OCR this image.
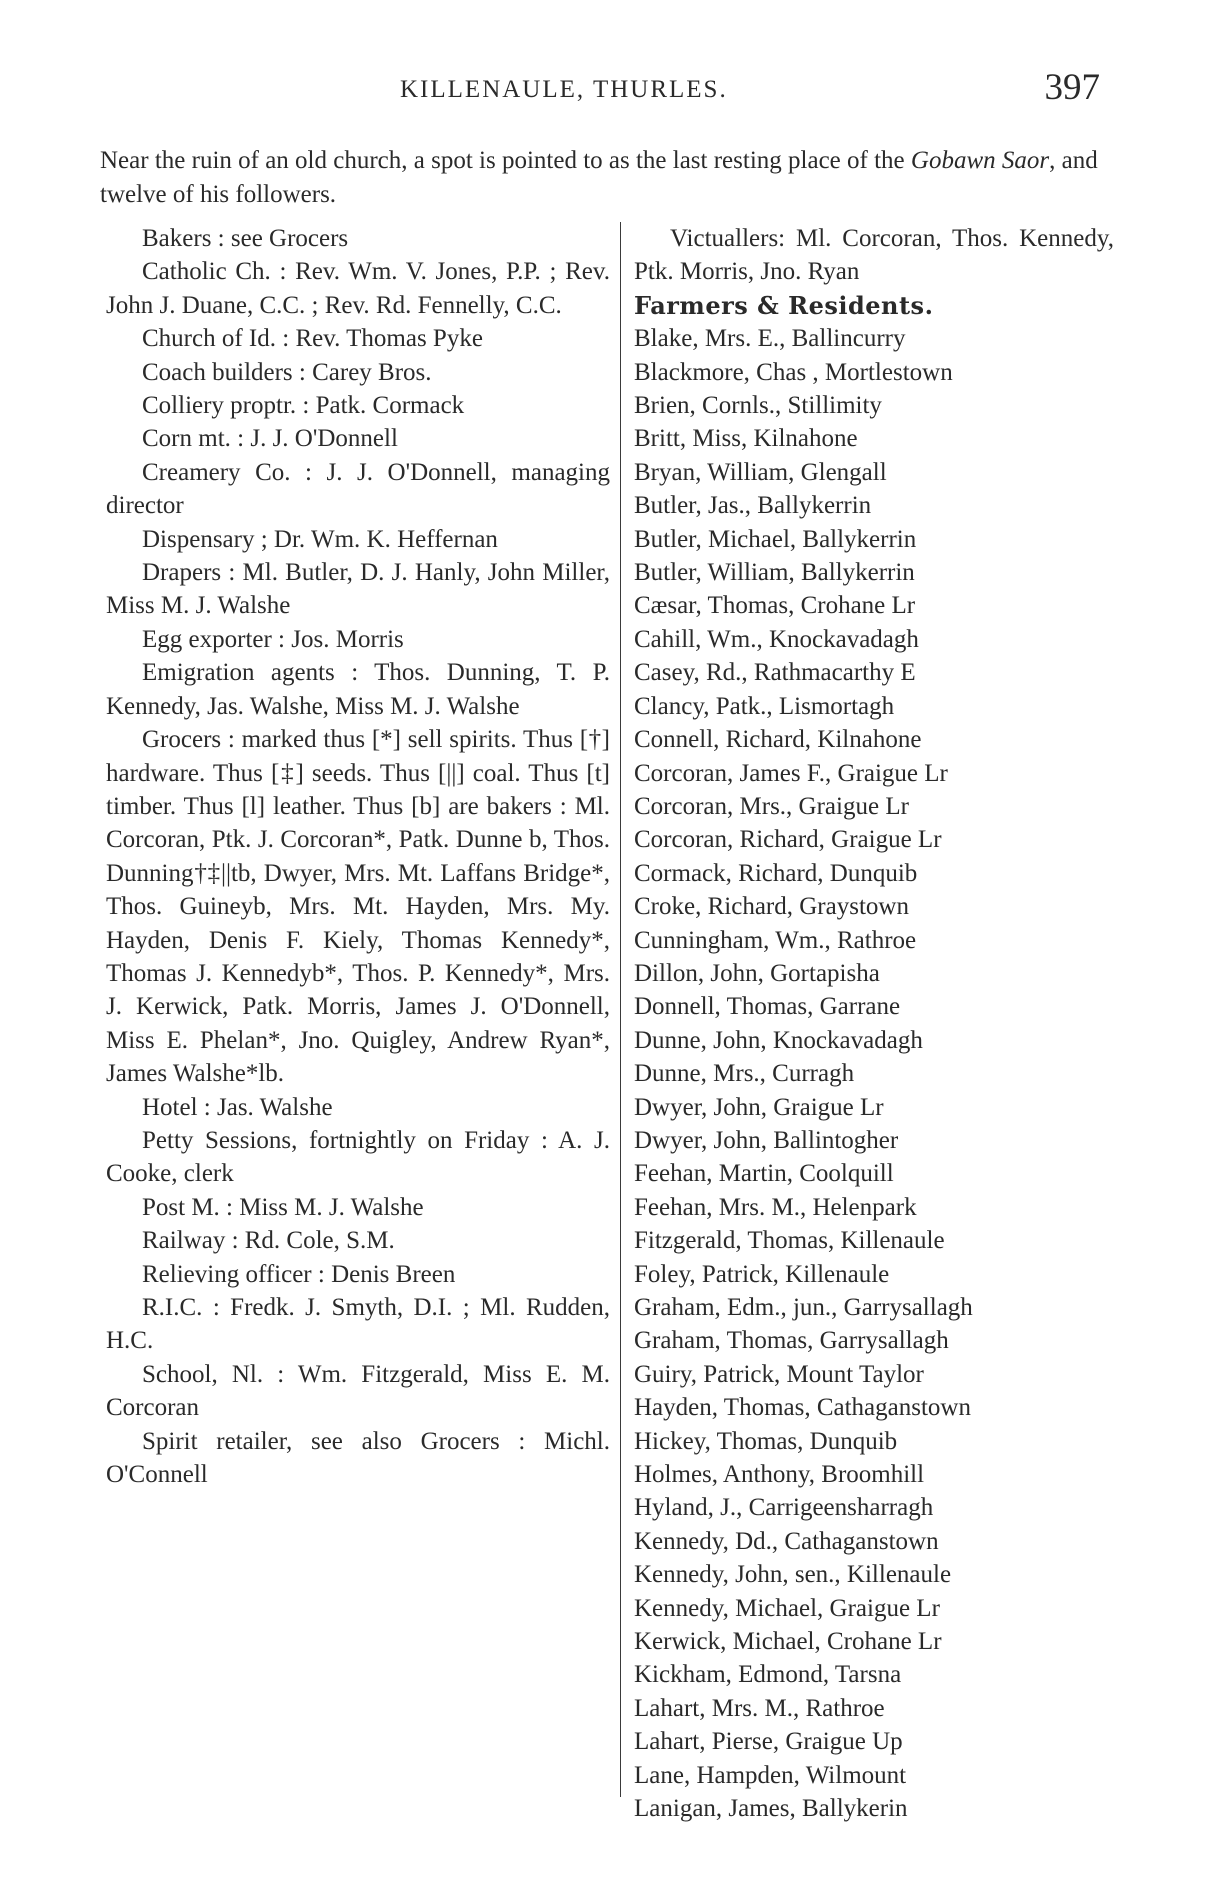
KILLENAULE, THURLES.	397

Near the ruin of an old church, a spot is pointed to as the last resting place of the Gobawn Saor, and twelve of his followers.

Bakers : see Grocers

Catholic Ch. : Rev. Wm. V. Jones, P.P. ; Rev. John J. Duane, C.C. ; Rev. Rd. Fennelly, C.C.

Church of Id. : Rev. Thomas Pyke

Coach builders : Carey Bros.

Colliery proptr. : Patk. Cormack

Corn mt. : J. J. O'Donnell

Creamery Co. : J. J. O'Donnell, managing director

Dispensary ; Dr. Wm. K. Heffernan

Drapers : Ml. Butler, D. J. Hanly, John Miller, Miss M. J. Walshe

Egg exporter : Jos. Morris

Emigration agents : Thos. Dunning, T. P. Kennedy, Jas. Walshe, Miss M. J. Walshe

Grocers : marked thus [*] sell spirits. Thus [†] hardware. Thus [‡] seeds. Thus [||] coal. Thus [t] timber. Thus [l] leather. Thus [b] are bakers : Ml. Corcoran, Ptk. J. Corcoran*, Patk. Dunne b, Thos. Dunning†‡||tb, Dwyer, Mrs. Mt. Laffans Bridge*, Thos. Guineyb, Mrs. Mt. Hayden, Mrs. My. Hayden, Denis F. Kiely, Thomas Kennedy*, Thomas J. Kennedyb*, Thos. P. Kennedy*, Mrs. J. Kerwick, Patk. Morris, James J. O'Donnell, Miss E. Phelan*, Jno. Quigley, Andrew Ryan*, James Walshe*lb.

Hotel : Jas. Walshe

Petty Sessions, fortnightly on Friday : A. J. Cooke, clerk

Post M. : Miss M. J. Walshe

Railway : Rd. Cole, S.M.

Relieving officer : Denis Breen

R.I.C. : Fredk. J. Smyth, D.I. ; Ml. Rudden, H.C.

School, Nl. : Wm. Fitzgerald, Miss E. M. Corcoran

Spirit retailer, see also Grocers : Michl. O'Connell

Victuallers: Ml. Corcoran, Thos. Kennedy, Ptk. Morris, Jno. Ryan

Farmers & Residents.

Blake, Mrs. E., Ballincurry

Blackmore, Chas , Mortlestown

Brien, Cornls., Stillimity

Britt, Miss, Kilnahone

Bryan, William, Glengall

Butler, Jas., Ballykerrin

Butler, Michael, Ballykerrin

Butler, William, Ballykerrin

Cæsar, Thomas, Crohane Lr

Cahill, Wm., Knockavadagh

Casey, Rd., Rathmacarthy E

Clancy, Patk., Lismortagh

Connell, Richard, Kilnahone

Corcoran, James F., Graigue Lr

Corcoran, Mrs., Graigue Lr

Corcoran, Richard, Graigue Lr

Cormack, Richard, Dunquib

Croke, Richard, Graystown

Cunningham, Wm., Rathroe

Dillon, John, Gortapisha

Donnell, Thomas, Garrane

Dunne, John, Knockavadagh

Dunne, Mrs., Curragh

Dwyer, John, Graigue Lr

Dwyer, John, Ballintogher

Feehan, Martin, Coolquill

Feehan, Mrs. M., Helenpark

Fitzgerald, Thomas, Killenaule

Foley, Patrick, Killenaule

Graham, Edm., jun., Garrysallagh

Graham, Thomas, Garrysallagh

Guiry, Patrick, Mount Taylor

Hayden, Thomas, Cathaganstown

Hickey, Thomas, Dunquib

Holmes, Anthony, Broomhill

Hyland, J., Carrigeensharragh

Kennedy, Dd., Cathaganstown

Kennedy, John, sen., Killenaule

Kennedy, Michael, Graigue Lr

Kerwick, Michael, Crohane Lr

Kickham, Edmond, Tarsna

Lahart, Mrs. M., Rathroe

Lahart, Pierse, Graigue Up

Lane, Hampden, Wilmount

Lanigan, James, Ballykerin
